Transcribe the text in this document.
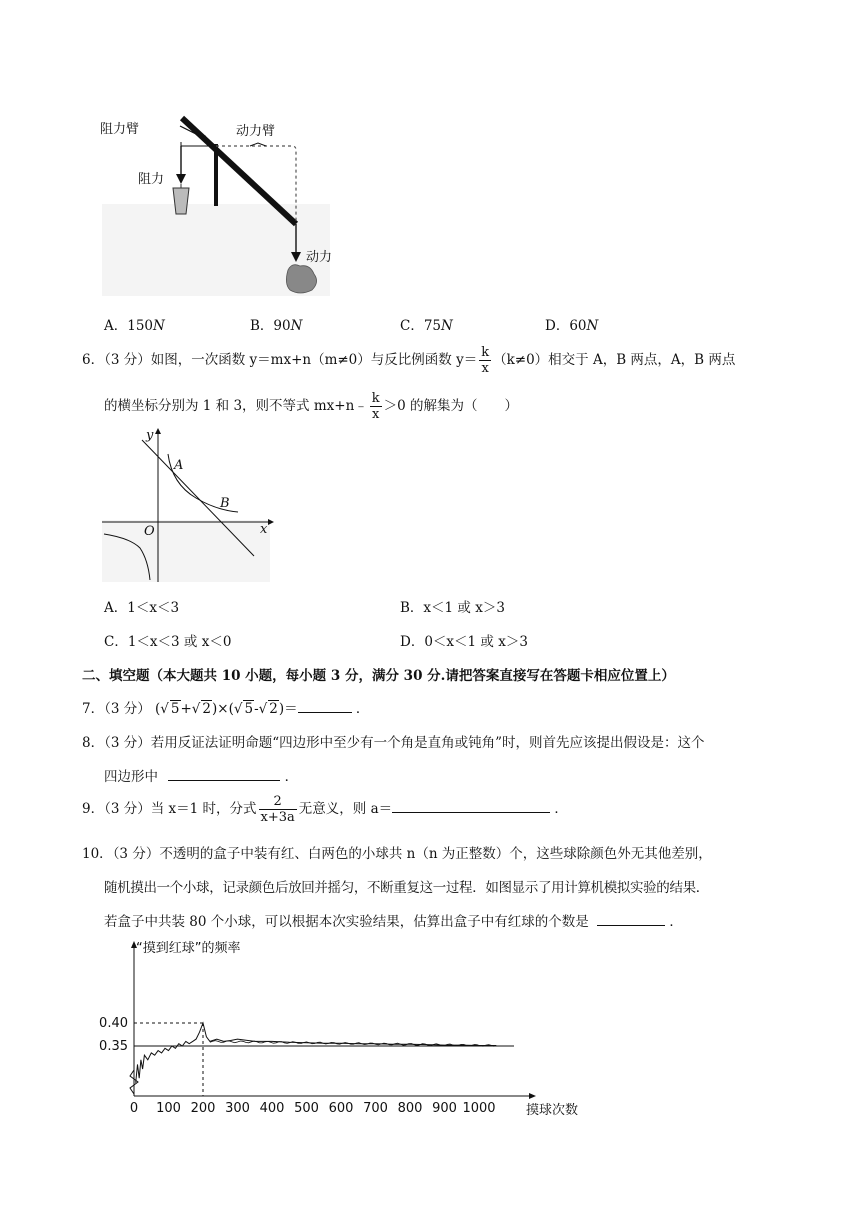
阻力臂	动力臂
阻力
动力
A．150N	B．90N	C．75N	D．60N
6．（3 分）如图，一次函数 y＝mx+n（m≠0）与反比例函数 $y= \frac{k}{x} (k\ne 0)$相交于 A，B 两点，A，B 两点
的横坐标分别为 1 和 3，则不等式 mx+n﹣ $\frac{k}{x} >0$ 的解集为（　　）
y
x
O
A
B
A．1＜x＜3	B．x＜1 或 x＞3
C．1＜x＜3 或 x＜0	D．0＜x＜1 或 x＞3
二、填空题（本大题共 10 小题，每小题 3 分，满分 30 分.请把答案直接写在答题卡相应位置上）
7．（3 分） (√ 5+√ 2)×(√ 5-√ 2)＝	．
8．（3 分）若用反证法证明命题“四边形中至少有一个角是直角或钝角”时，则首先应该提出假设是：这个
四边形中	．
9．（3 分）当 x＝1 时，分式 $\frac{2}{x+3a}$ 无意义，则 a＝	．
10．（3 分）不透明的盒子中装有红、白两色的小球共 n（n 为正整数）个，这些球除颜色外无其他差别，
随机摸出一个小球，记录颜色后放回并摇匀，不断重复这一过程．如图显示了用计算机模拟实验的结果．
若盒子中共装 80 个小球，可以根据本次实验结果，估算出盒子中有红球的个数是	．
0.35
0.40
0 100 200 300 400 500 600 700 800 900 1000
“摸到红球”的频率
摸球次数
